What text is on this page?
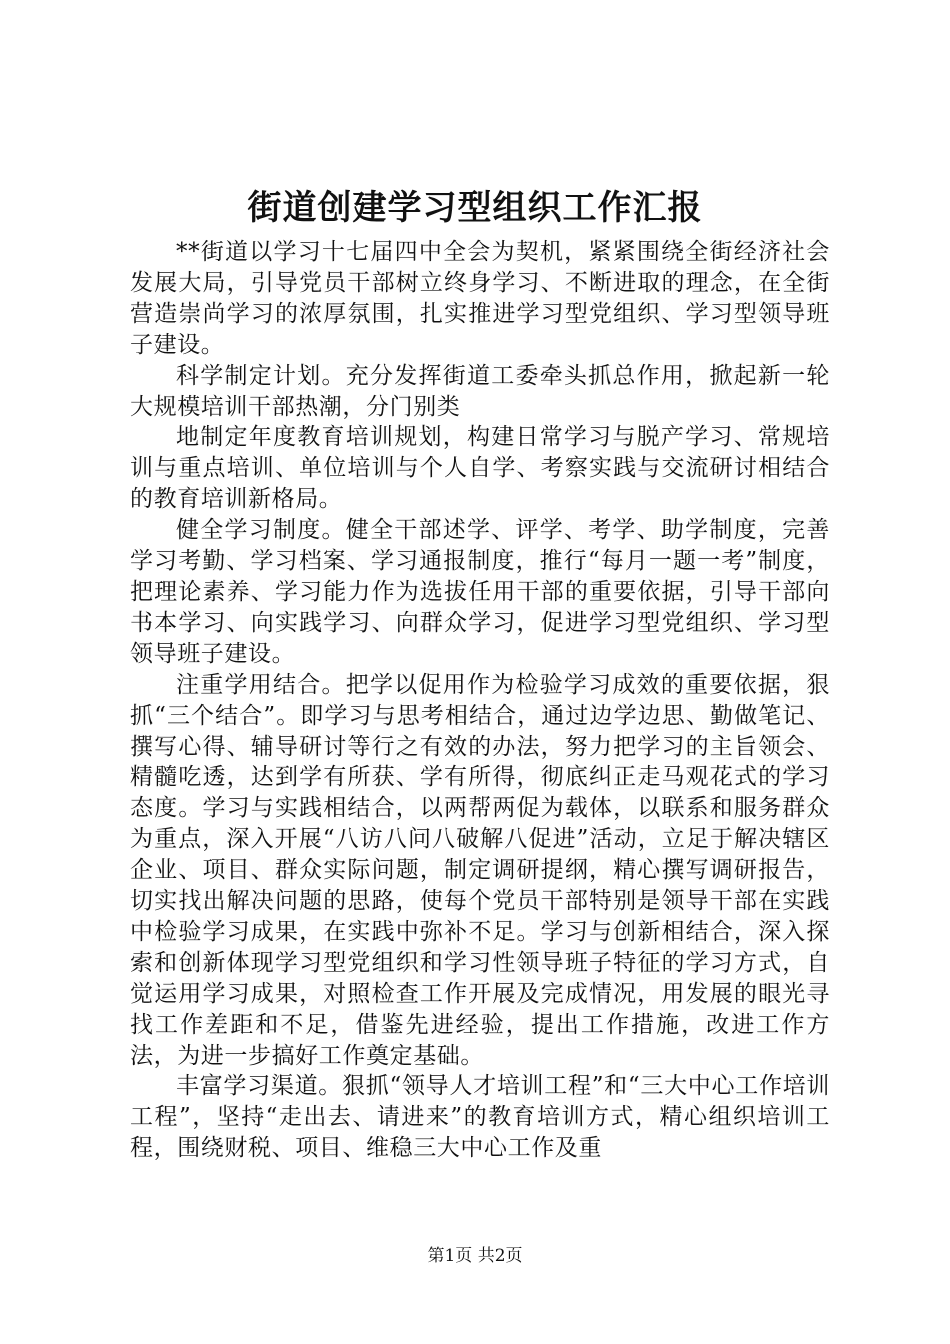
街道创建学习型组织工作汇报

**街道以学习十七届四中全会为契机，紧紧围绕全街经济社会发展大局，引导党员干部树立终身学习、不断进取的理念，在全街营造崇尚学习的浓厚氛围，扎实推进学习型党组织、学习型领导班子建设。

科学制定计划。充分发挥街道工委牵头抓总作用，掀起新一轮大规模培训干部热潮，分门别类

地制定年度教育培训规划，构建日常学习与脱产学习、常规培训与重点培训、单位培训与个人自学、考察实践与交流研讨相结合的教育培训新格局。

健全学习制度。健全干部述学、评学、考学、助学制度，完善学习考勤、学习档案、学习通报制度，推行“每月一题一考”制度，把理论素养、学习能力作为选拔任用干部的重要依据，引导干部向书本学习、向实践学习、向群众学习，促进学习型党组织、学习型领导班子建设。

注重学用结合。把学以促用作为检验学习成效的重要依据，狠抓“三个结合”。即学习与思考相结合，通过边学边思、勤做笔记、撰写心得、辅导研讨等行之有效的办法，努力把学习的主旨领会、精髓吃透，达到学有所获、学有所得，彻底纠正走马观花式的学习态度。学习与实践相结合，以两帮两促为载体，以联系和服务群众为重点，深入开展“八访八问八破解八促进”活动，立足于解决辖区企业、项目、群众实际问题，制定调研提纲，精心撰写调研报告，切实找出解决问题的思路，使每个党员干部特别是领导干部在实践中检验学习成果，在实践中弥补不足。学习与创新相结合，深入探索和创新体现学习型党组织和学习性领导班子特征的学习方式，自觉运用学习成果，对照检查工作开展及完成情况，用发展的眼光寻找工作差距和不足，借鉴先进经验，提出工作措施，改进工作方法，为进一步搞好工作奠定基础。

丰富学习渠道。狠抓“领导人才培训工程”和“三大中心工作培训工程”，坚持“走出去、请进来”的教育培训方式，精心组织培训工程，围绕财税、项目、维稳三大中心工作及重

第1页 共2页
